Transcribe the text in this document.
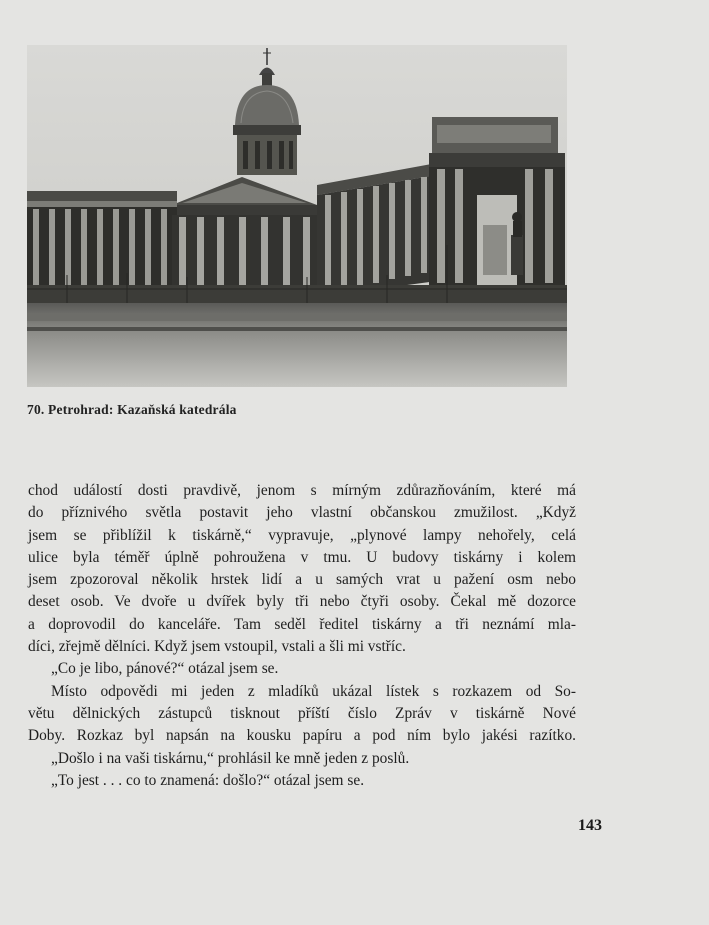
70. Petrohrad: Kazaňská katedrála
chod událostí dosti pravdivě, jenom s mírným zdůrazňováním, které má
do příznivého světla postavit jeho vlastní občanskou zmužilost. „Když
jsem se přiblížil k tiskárně,“ vypravuje, „plynové lampy nehořely, celá
ulice byla téměř úplně pohroužena v tmu. U budovy tiskárny i kolem
jsem zpozoroval několik hrstek lidí a u samých vrat u pažení osm nebo
deset osob. Ve dvoře u dvířek byly tři nebo čtyři osoby. Čekal mě dozorce
a doprovodil do kanceláře. Tam seděl ředitel tiskárny a tři neznámí mla-
díci, zřejmě dělníci. Když jsem vstoupil, vstali a šli mi vstříc.
„Co je libo, pánové?“ otázal jsem se.
Místo odpovědi mi jeden z mladíků ukázal lístek s rozkazem od So-
větu dělnických zástupců tisknout příští číslo Zpráv v tiskárně Nové
Doby. Rozkaz byl napsán na kousku papíru a pod ním bylo jakési razítko.
„Došlo i na vaši tiskárnu,“ prohlásil ke mně jeden z poslů.
„To jest . . . co to znamená: došlo?“ otázal jsem se.
143
